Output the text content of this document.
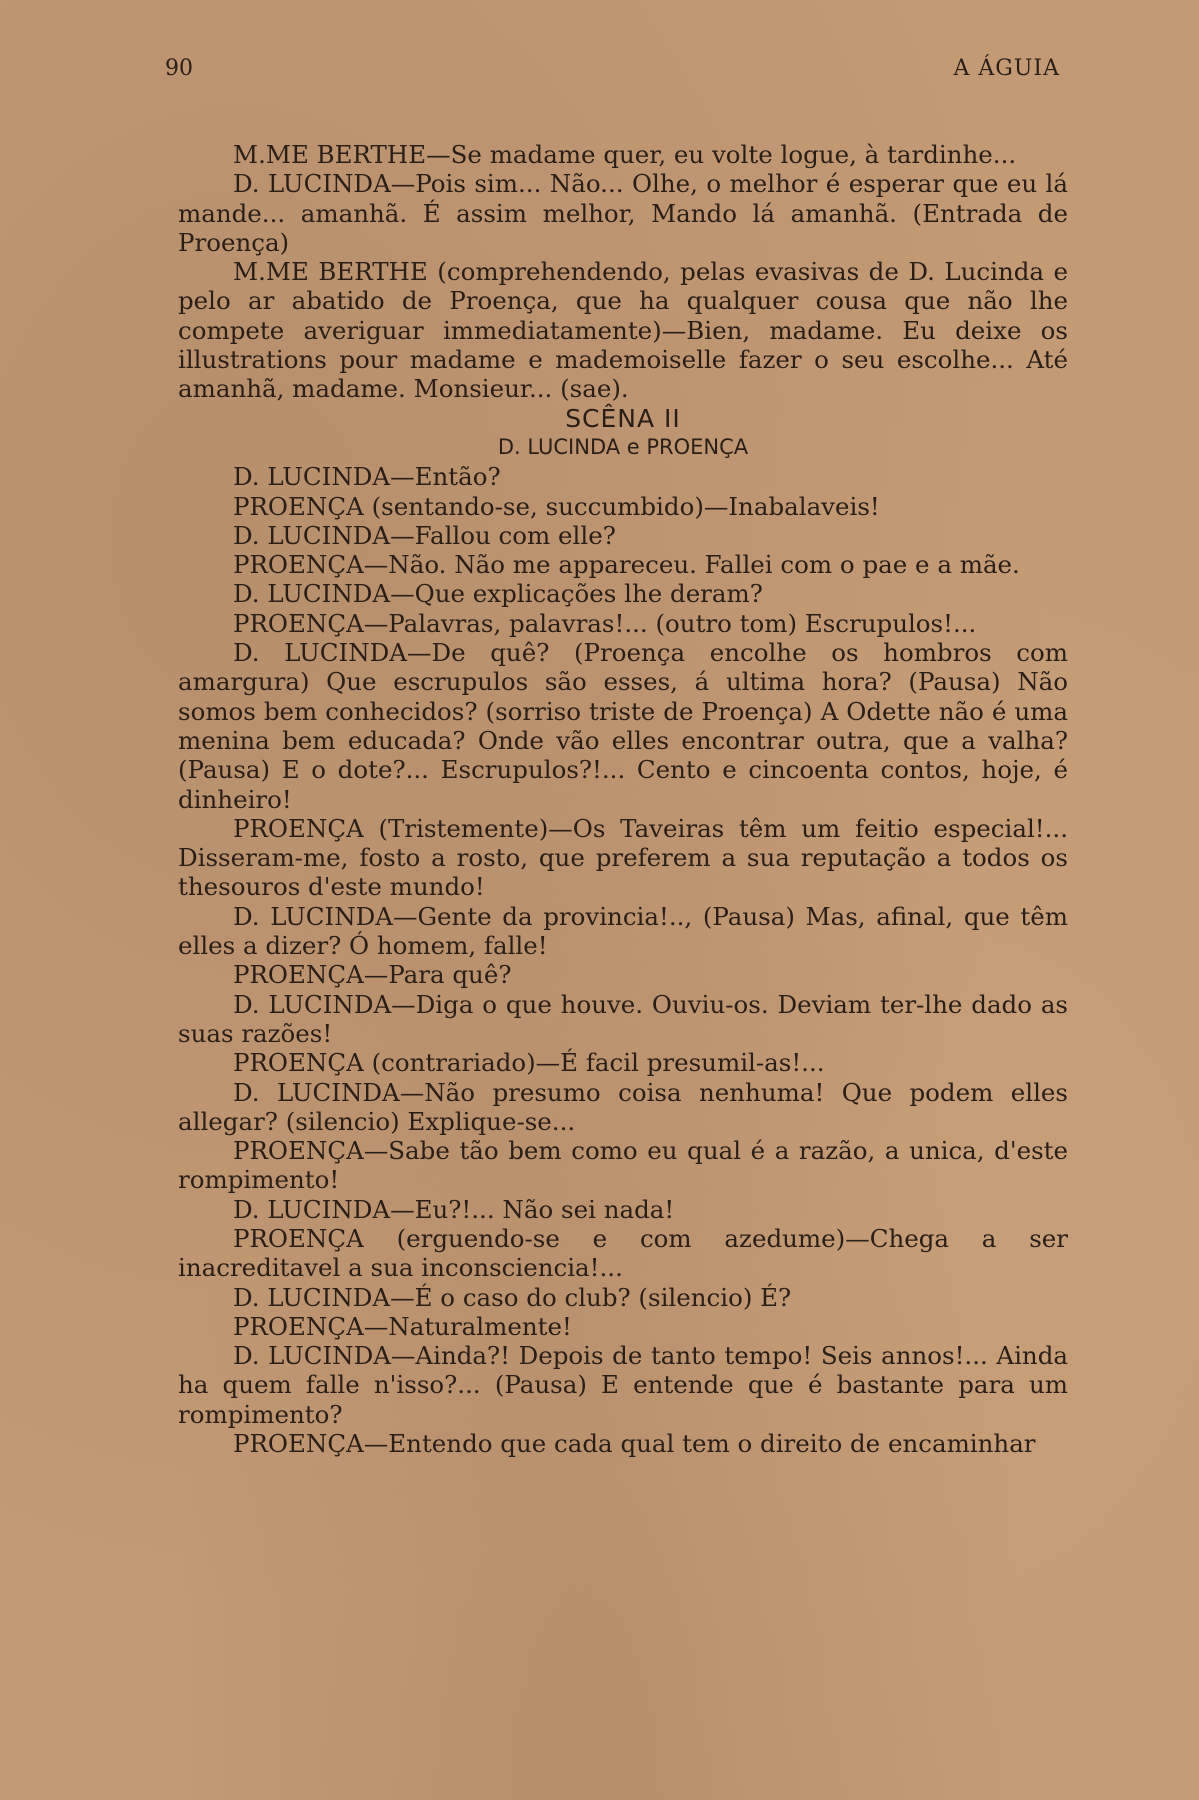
90	A ÁGUIA

M.ME BERTHE—Se madame quer, eu volte logue, à tardinhe...

D. LUCINDA—Pois sim... Não... Olhe, o melhor é esperar que eu lá mande... amanhã. É assim melhor, Mando lá amanhã. (Entrada de Proença)

M.ME BERTHE (comprehendendo, pelas evasivas de D. Lucinda e pelo ar abatido de Proença, que ha qualquer cousa que não lhe compete averiguar immediatamente)—Bien, madame. Eu deixe os illustrations pour madame e mademoiselle fazer o seu escolhe... Até amanhã, madame. Monsieur... (sae).

SCÊNA II

D. LUCINDA e PROENÇA

D. LUCINDA—Então?

PROENÇA (sentando-se, succumbido)—Inabalaveis!

D. LUCINDA—Fallou com elle?

PROENÇA—Não. Não me appareceu. Fallei com o pae e a mãe.

D. LUCINDA—Que explicações lhe deram?

PROENÇA—Palavras, palavras!... (outro tom) Escrupulos!...

D. LUCINDA—De quê? (Proença encolhe os hombros com amargura) Que escrupulos são esses, á ultima hora? (Pausa) Não somos bem conhecidos? (sorriso triste de Proença) A Odette não é uma menina bem educada? Onde vão elles encontrar outra, que a valha? (Pausa) E o dote?... Escrupulos?!... Cento e cincoenta contos, hoje, é dinheiro!

PROENÇA (Tristemente)—Os Taveiras têm um feitio especial!... Disseram-me, fosto a rosto, que preferem a sua reputação a todos os thesouros d'este mundo!

D. LUCINDA—Gente da provincia!.., (Pausa) Mas, afinal, que têm elles a dizer? Ó homem, falle!

PROENÇA—Para quê?

D. LUCINDA—Diga o que houve. Ouviu-os. Deviam ter-lhe dado as suas razões!

PROENÇA (contrariado)—É facil presumil-as!...

D. LUCINDA—Não presumo coisa nenhuma! Que podem elles allegar? (silencio) Explique-se...

PROENÇA—Sabe tão bem como eu qual é a razão, a unica, d'este rompimento!

D. LUCINDA—Eu?!... Não sei nada!

PROENÇA (erguendo-se e com azedume)—Chega a ser inacreditavel a sua inconsciencia!...

D. LUCINDA—É o caso do club? (silencio) É?

PROENÇA—Naturalmente!

D. LUCINDA—Ainda?! Depois de tanto tempo! Seis annos!... Ainda ha quem falle n'isso?... (Pausa) E entende que é bastante para um rompimento?

PROENÇA—Entendo que cada qual tem o direito de encaminhar
